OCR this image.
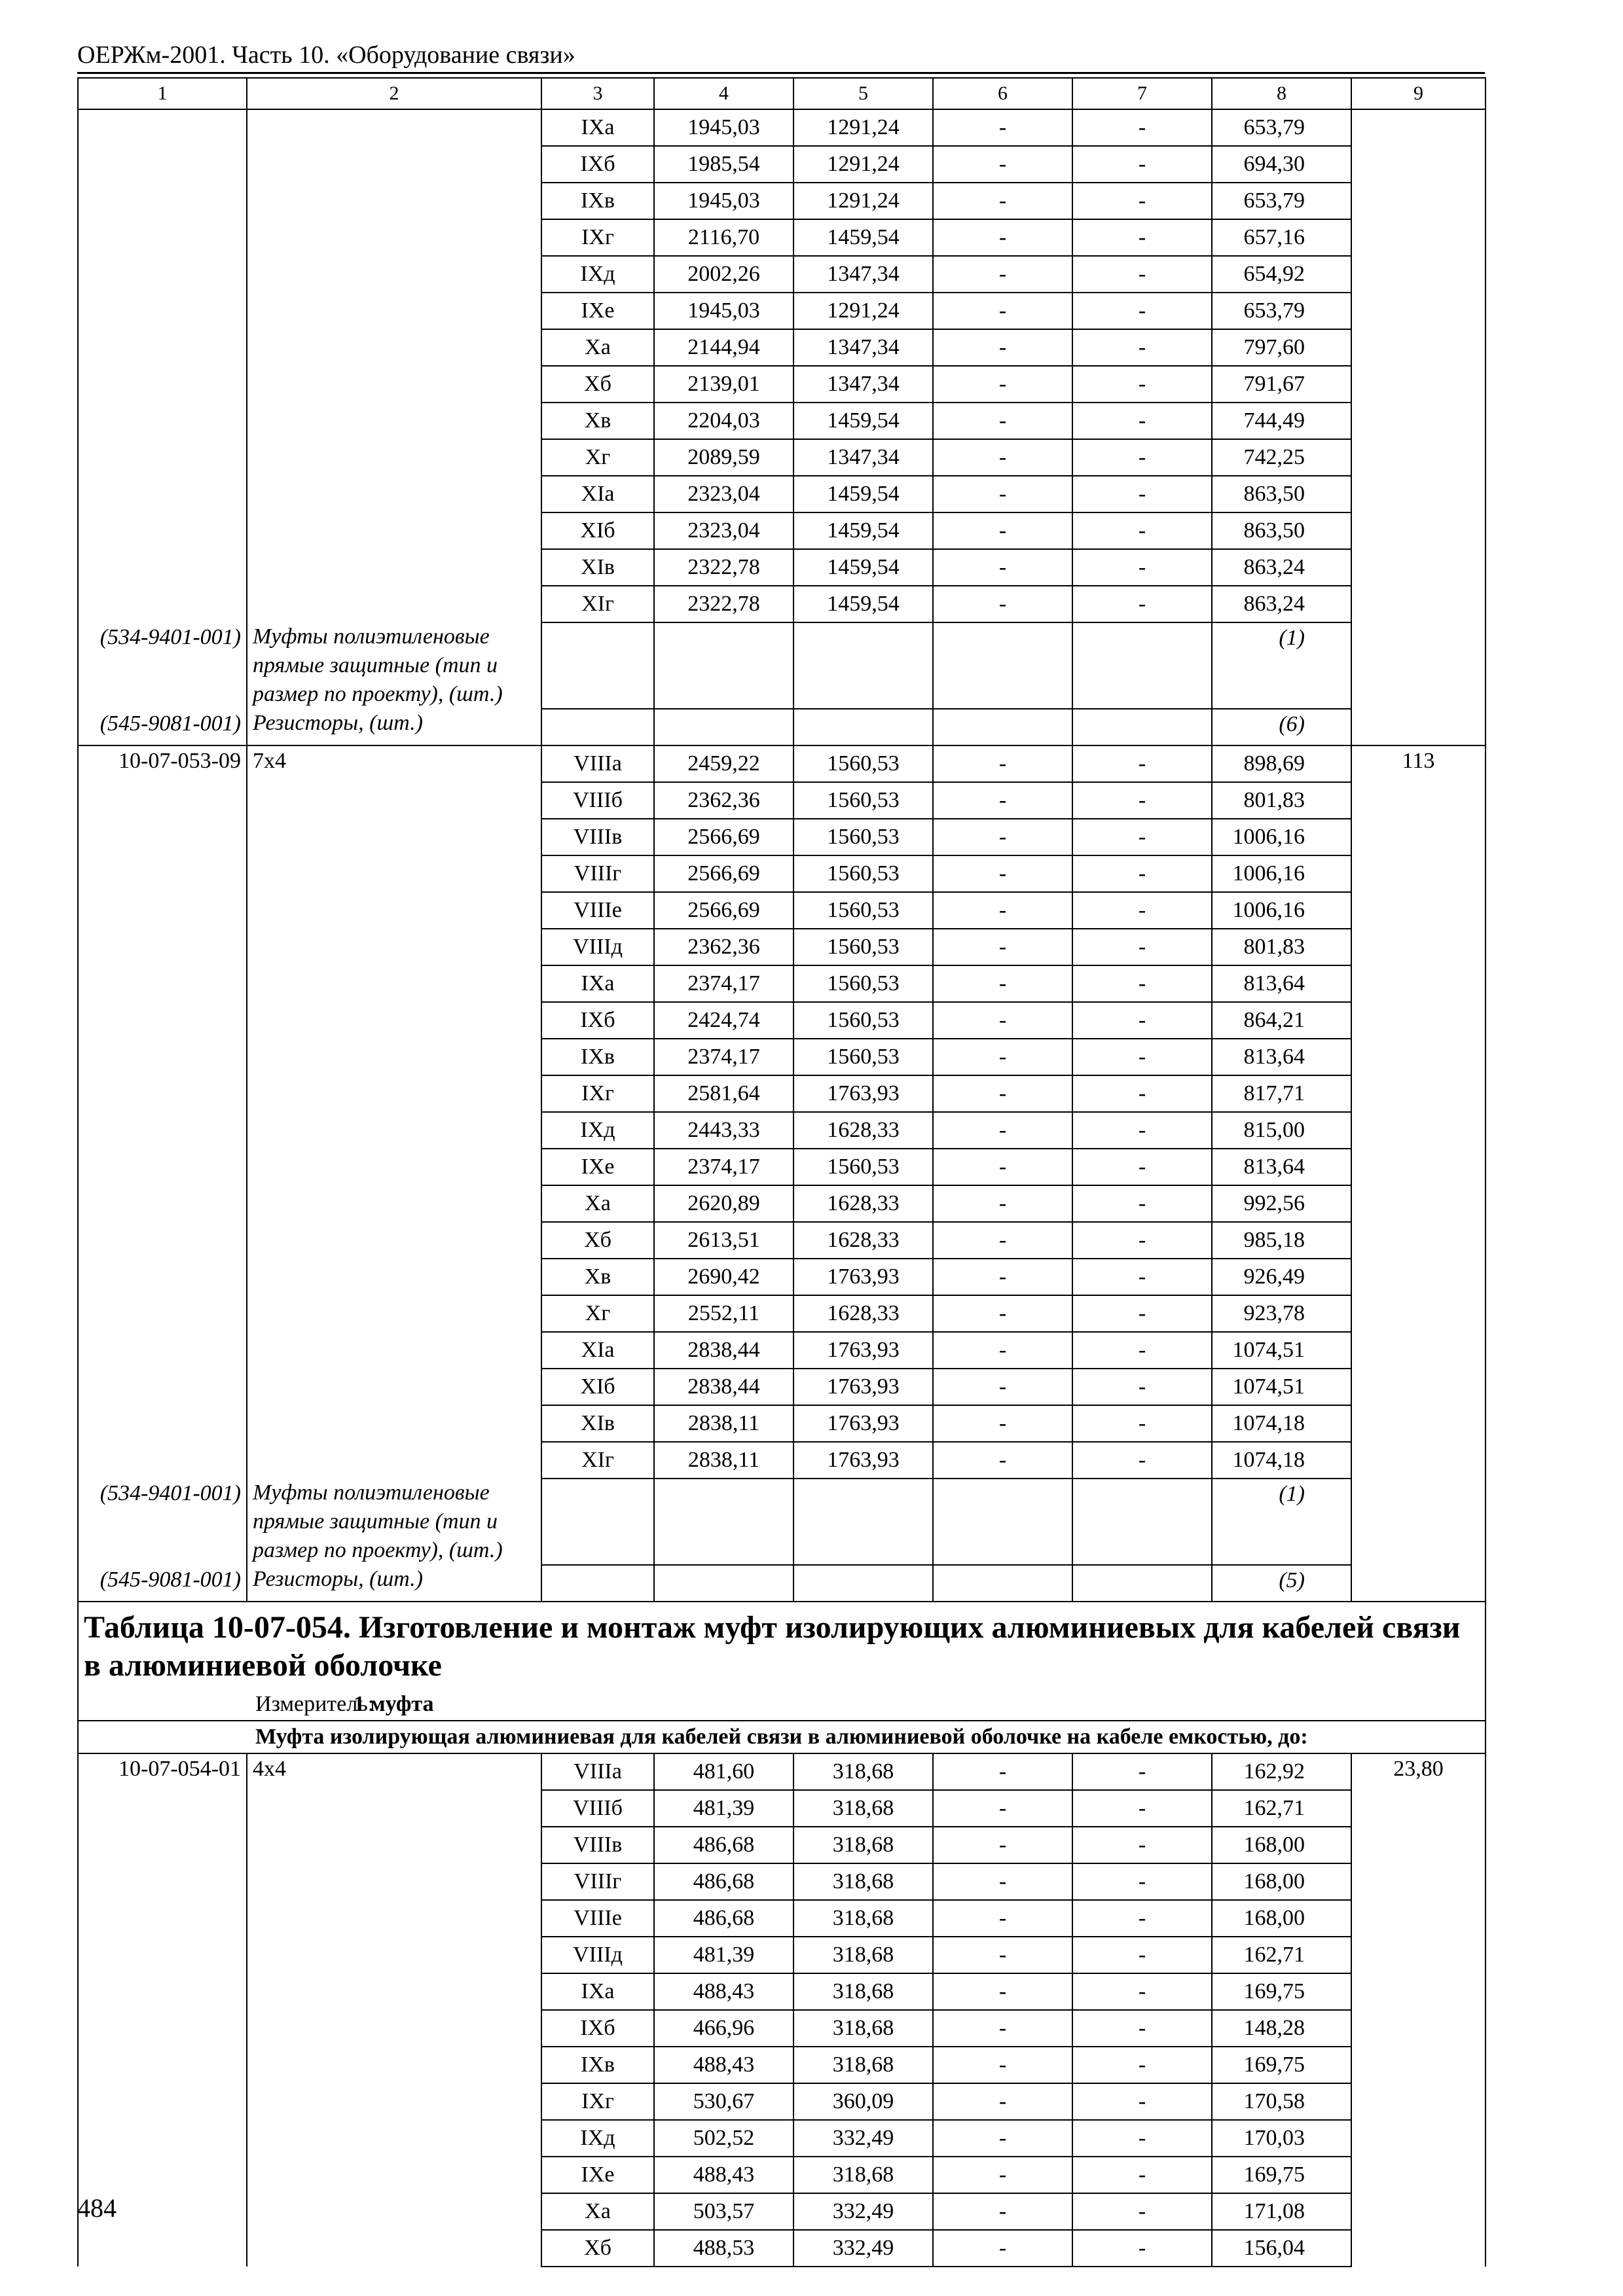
ОЕРЖм-2001. Часть 10. «Оборудование связи»
1	2	3	4	5	6	7	8	9
		IXa	1945,03	1291,24	-	-	653,79	
		IXб	1985,54	1291,24	-	-	694,30	
		IXв	1945,03	1291,24	-	-	653,79	
		IXг	2116,70	1459,54	-	-	657,16	
		IXд	2002,26	1347,34	-	-	654,92	
		IXe	1945,03	1291,24	-	-	653,79	
		Xa	2144,94	1347,34	-	-	797,60	
		Xб	2139,01	1347,34	-	-	791,67	
		Xв	2204,03	1459,54	-	-	744,49	
		Xг	2089,59	1347,34	-	-	742,25	
		XIa	2323,04	1459,54	-	-	863,50	
		XIб	2323,04	1459,54	-	-	863,50	
		XIв	2322,78	1459,54	-	-	863,24	
		XIг	2322,78	1459,54	-	-	863,24	
(534-9401-001)	Муфты полиэтиленовые прямые защитные (тип и размер по проекту), (шт.)						(1)	
(545-9081-001)	Резисторы, (шт.)						(6)	
10-07-053-09	7x4	VIIIa	2459,22	1560,53	-	-	898,69	113
		VIIIб	2362,36	1560,53	-	-	801,83	
		VIIIв	2566,69	1560,53	-	-	1006,16	
		VIIIг	2566,69	1560,53	-	-	1006,16	
		VIIIe	2566,69	1560,53	-	-	1006,16	
		VIIIд	2362,36	1560,53	-	-	801,83	
		IXa	2374,17	1560,53	-	-	813,64	
		IXб	2424,74	1560,53	-	-	864,21	
		IXв	2374,17	1560,53	-	-	813,64	
		IXг	2581,64	1763,93	-	-	817,71	
		IXд	2443,33	1628,33	-	-	815,00	
		IXe	2374,17	1560,53	-	-	813,64	
		Xa	2620,89	1628,33	-	-	992,56	
		Xб	2613,51	1628,33	-	-	985,18	
		Xв	2690,42	1763,93	-	-	926,49	
		Xг	2552,11	1628,33	-	-	923,78	
		XIa	2838,44	1763,93	-	-	1074,51	
		XIб	2838,44	1763,93	-	-	1074,51	
		XIв	2838,11	1763,93	-	-	1074,18	
		XIг	2838,11	1763,93	-	-	1074,18	
(534-9401-001)	Муфты полиэтиленовые прямые защитные (тип и размер по проекту), (шт.)						(1)	
(545-9081-001)	Резисторы, (шт.)						(5)	
Таблица 10-07-054. Изготовление и монтаж муфт изолирующих алюминиевых для кабелей связи в алюминиевой оболочке								
Измеритель:1 муфта								
Муфта изолирующая алюминиевая для кабелей связи в алюминиевой оболочке на кабеле емкостью, до:								
10-07-054-01	4x4	VIIIa	481,60	318,68	-	-	162,92	23,80
		VIIIб	481,39	318,68	-	-	162,71	
		VIIIв	486,68	318,68	-	-	168,00	
		VIIIг	486,68	318,68	-	-	168,00	
		VIIIe	486,68	318,68	-	-	168,00	
		VIIIд	481,39	318,68	-	-	162,71	
		IXa	488,43	318,68	-	-	169,75	
		IXб	466,96	318,68	-	-	148,28	
		IXв	488,43	318,68	-	-	169,75	
		IXг	530,67	360,09	-	-	170,58	
		IXд	502,52	332,49	-	-	170,03	
		IXe	488,43	318,68	-	-	169,75	
		Xa	503,57	332,49	-	-	171,08	
		Xб	488,53	332,49	-	-	156,04	
484
